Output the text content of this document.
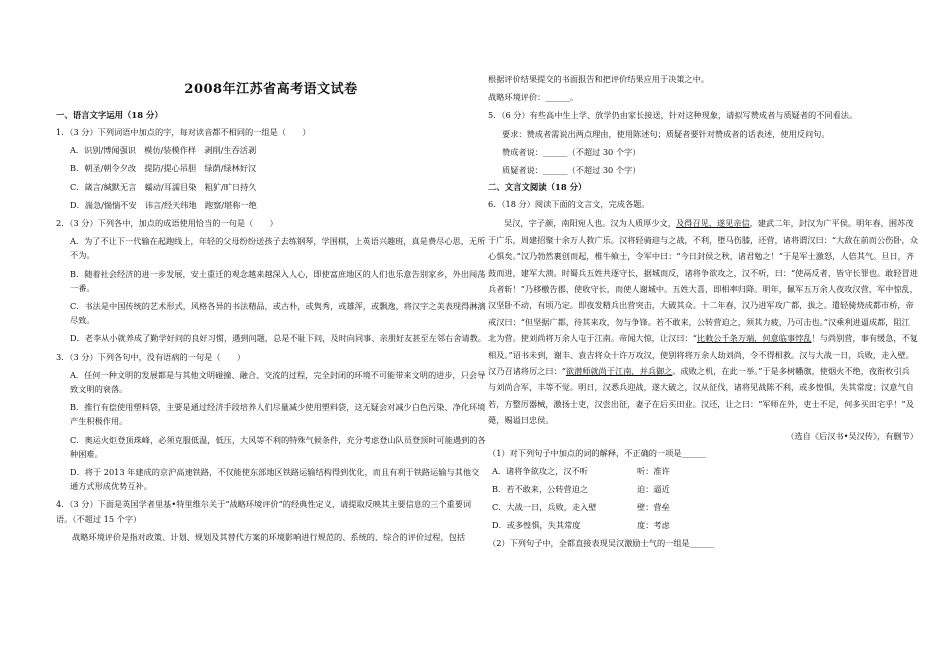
2008年江苏省高考语文试卷
一、语言文字运用（18 分）
1．（3 分）下列词语中加点的字，每对读音都不相同的一组是（　　）
A．识别/博闻强识　模仿/装模作样　剥削/生吞活剥
B．朝圣/朝令夕改　提防/提心吊胆　绿荫/绿林好汉
C．箴言/缄默无言　蠕动/耳濡目染　粗犷/旷日持久
D．湍急/惴惴不安　讳言/经天纬地　跑察/堪称一绝
2．（3 分）下列各中，加点的成语使用恰当的一句是（　　）
A．为了不让下一代输在起跑线上，年轻的父母纷纷送孩子去练钢琴，学围棋，上英语兴趣班，真是费尽心思，无所不为。
B．随着社会经济的进一步发展，安土重迁的观念越来越深入人心，即使富庶地区的人们也乐意告别家乡，外出闯荡一番。
C．书法是中国传统的艺术形式，风格各异的书法精品，或古朴，或隽秀，或雄浑，或飘逸，将汉字之美表现得淋漓尽致。
D．老李从小就养成了勤学好问的良好习惯，遇到问题，总是不耻下问，及时向同事、亲朋好友甚至左邻右舍请教。
3．（3 分）下列各句中，没有语病的一句是（　　）
A．任何一种文明的发展都是与其他文明碰撞、融合、交流的过程，完全封闭的环境不可能带来文明的进步，只会导致文明的衰落。
B．推行有偿使用塑料袋，主要是通过经济手段培养人们尽量减少使用塑料袋，这无疑会对减少白色污染、净化环境产生积极作用。
C．奥运火炬登顶珠峰，必须克服低温，低压，大风等不利的特殊气候条件，充分考虑登山队员登顶时可能遇到的各种困难。
D．将于 2013 年建成的京沪高速铁路，不仅能使东部地区铁路运输结构得到优化，而且有利于铁路运输与其他交通方式形成优势互补。
4．（3 分）下面是英国学者里基•特里维尔关于“战略环境评价”的经典性定义，请提取反映其主要信息的三个重要词语。（不超过 15 个字）
战略环境评价是指对政策、计划、规划及其替代方案的环境影响进行规范的、系统的、综合的评价过程，包括
根据评价结果提交的书面报告和把评价结果应用于决策之中。
战略环境评价：______。
5．（6 分）有些高中生上学、放学仍由家长接送，针对这种现象，请拟写赞成者与质疑者的不同看法。
要求：赞成者需说出两点理由，使用陈述句；质疑者要针对赞成者的话表述，使用反问句。
赞成者说：______（不超过 30 个字）
质疑者说：______（不超过 30 个字）
二、文言文阅读（18 分）
6．（18 分）阅读下面的文言文，完成各题。

吴汉，字子颜，南阳宛人也。汉为人质厚少文，及得召见，遂见亲信，建武二年，封汉为广平侯。明年春，围苏茂于广乐，周建招聚十余万人救广乐。汉将轻骑迎与之战，不利，堕马伤膝，还营，诸将谓汉曰：“大敌在前而公伤卧，众心惧矣。”汉乃勃然裹创而起，椎牛飨士，令军中曰：“今日封侯之秋，诸君勉之！”于是军士激怒，人倍其气。旦日，齐鼓而进，建军大溃。时蜀兵五姓共逐守长，据城而反，诸将争欲攻之，汉不听，曰：“使鬲反者，皆守长罪也。敢轻冒进兵者斩！”乃移檄告郡，使收守长，而使人谢城中。五姓大喜，即相率归降。明年，佩军五万余人夜攻汉营，军中惊乱，汉坚卧不动，有顷乃定。即夜发精兵出营突击，大破其众。十二年春，汉乃进军攻广都，拔之。遣轻骑烧成都市桥，帝戒汉曰：“但坚据广都，待其来攻，勿与争锋。若不敢来，公转营迫之，须其力疲，乃可击也。”汉乘利进逼成都，阻江北为营。使刘尚将万余人屯于江南。帝闻大惊，让汉曰：“比敕公千条万端，何意临事悖乱！与尚别营，事有缓急，不复相及。”诏书未到，谢丰、袁吉将众十许万攻汉，使别将将万余人劫刘尚，令不得相救。汉与大战一日，兵败，走入壁。汉乃召诸将厉之曰：“欲潜师就尚于江南，并兵御之。成败之机，在此一举。”于是多树幡旗，使烟火不绝，夜衔枚引兵与刘尚合军，丰等不觉。明日，汉悉兵迎战，遂大破之，汉从征伐，诸将见战陈不利，或多惶惧，失其常度；汉意气自若，方整厉器械，激扬士吏，汉尝出征，妻子在后买田业。汉还，让之曰：“军师在外，吏士不足，何多买田宅乎！”及薨，赐谥曰忠侯。

（选自《后汉书•吴汉传》，有删节）
（1）对下列句子中加点的词的解释，不正确的一项是______
A．诸将争欲攻之，汉不听	听：准许
B．若不敢来，公转营迫之	迫：逼近
C．大战一日，兵败，走入壁	壁：营垒
D．或多惶惧，失其常度	度：考虑
（2）下列句子中，全都直接表现吴汉激励士气的一组是______
